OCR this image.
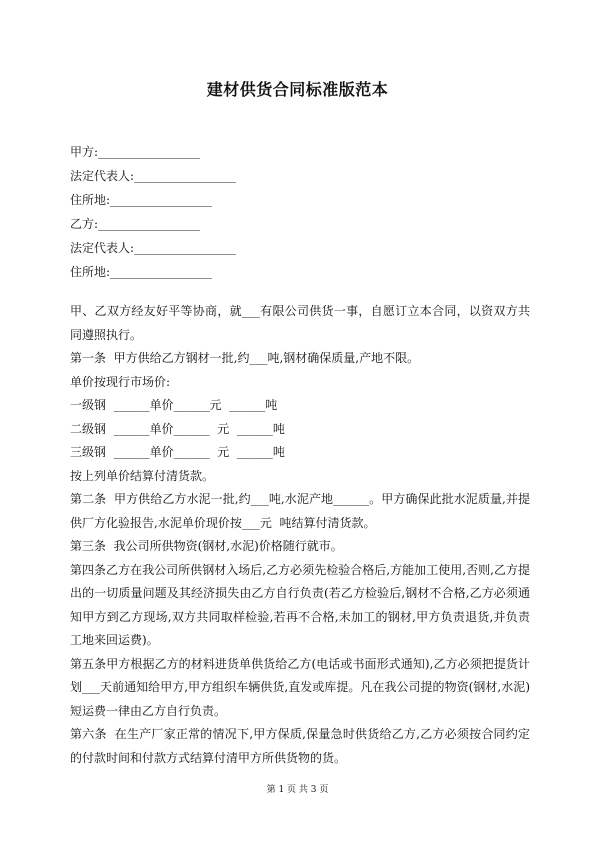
建材供货合同标准版范本
甲方:_________________
法定代表人:_________________
住所地:_________________
乙方:_________________
法定代表人:_________________
住所地:_________________

甲、乙双方经友好平等协商，就___有限公司供货一事，自愿订立本合同，以资双方共同遵照执行。

第一条  甲方供给乙方钢材一批,约___吨,钢材确保质量,产地不限。

单价按现行市场价:

一级钢  ______单价______元  ______吨

二级钢  ______单价______  元  ______吨

三级钢  ______单价______  元  ______吨

按上列单价结算付清货款。

第二条  甲方供给乙方水泥一批,约___吨,水泥产地______。甲方确保此批水泥质量,并提供厂方化验报告,水泥单价现价按___元  吨结算付清货款。

第三条  我公司所供物资(钢材,水泥)价格随行就市。

第四条乙方在我公司所供钢材入场后,乙方必须先检验合格后,方能加工使用,否则,乙方提出的一切质量问题及其经济损失由乙方自行负责(若乙方检验后,钢材不合格,乙方必须通知甲方到乙方现场,双方共同取样检验,若再不合格,未加工的钢材,甲方负责退货,并负责工地来回运费)。

第五条甲方根据乙方的材料进货单供货给乙方(电话或书面形式通知),乙方必须把提货计划___天前通知给甲方,甲方组织车辆供货,直发或库提。凡在我公司提的物资(钢材,水泥)短运费一律由乙方自行负责。

第六条  在生产厂家正常的情况下,甲方保质,保量急时供货给乙方,乙方必须按合同约定的付款时间和付款方式结算付清甲方所供货物的货。

第 1 页 共 3 页
